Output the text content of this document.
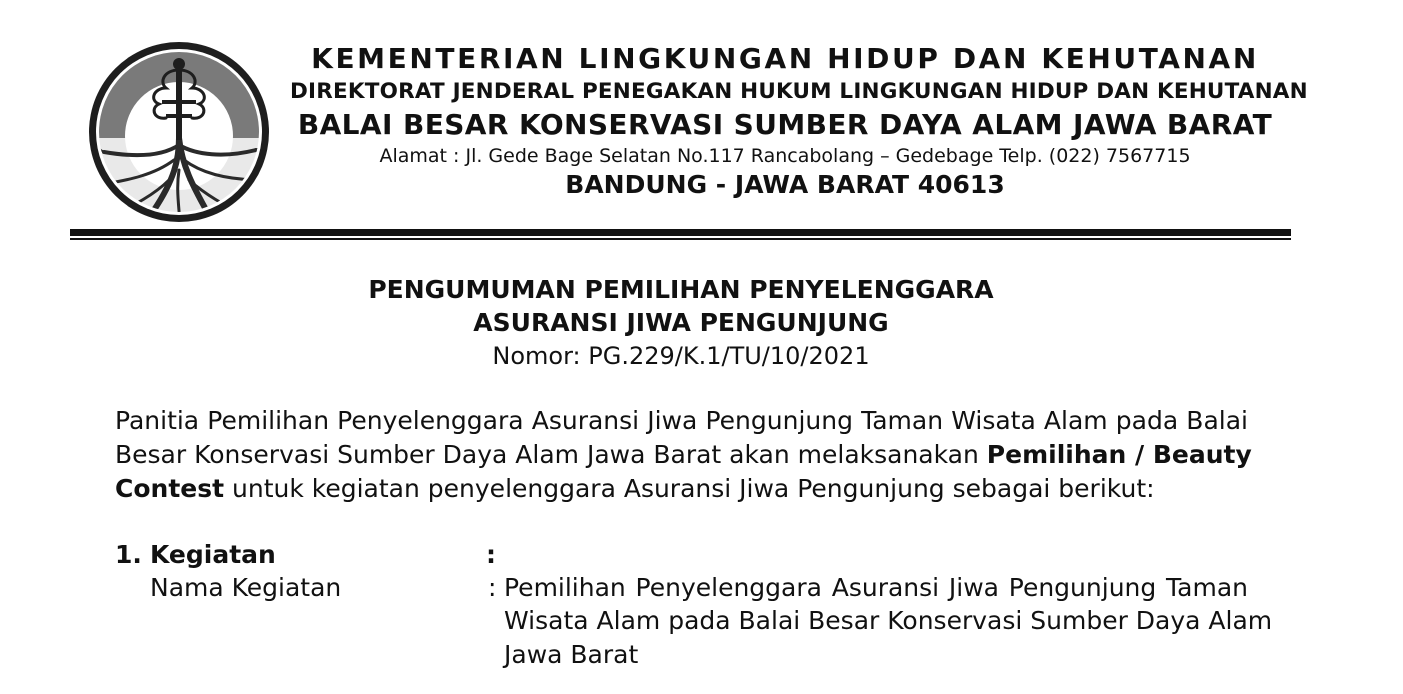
KEMENTERIAN LINGKUNGAN HIDUP DAN KEHUTANAN
DIREKTORAT JENDERAL PENEGAKAN HUKUM LINGKUNGAN HIDUP DAN KEHUTANAN
BALAI BESAR KONSERVASI SUMBER DAYA ALAM JAWA BARAT
Alamat : Jl. Gede Bage Selatan No.117 Rancabolang – Gedebage Telp. (022) 7567715
BANDUNG - JAWA BARAT 40613
PENGUMUMAN PEMILIHAN PENYELENGGARA
ASURANSI JIWA PENGUNJUNG
Nomor: PG.229/K.1/TU/10/2021
Panitia Pemilihan Penyelenggara Asuransi Jiwa Pengunjung Taman Wisata Alam pada Balai
Besar Konservasi Sumber Daya Alam Jawa Barat akan melaksanakan Pemilihan / Beauty
Contest untuk kegiatan penyelenggara Asuransi Jiwa Pengunjung sebagai berikut:
1. Kegiatan	:
Nama Kegiatan	: Pemilihan Penyelenggara Asuransi Jiwa Pengunjung Taman
Wisata Alam pada Balai Besar Konservasi Sumber Daya Alam
Jawa Barat
